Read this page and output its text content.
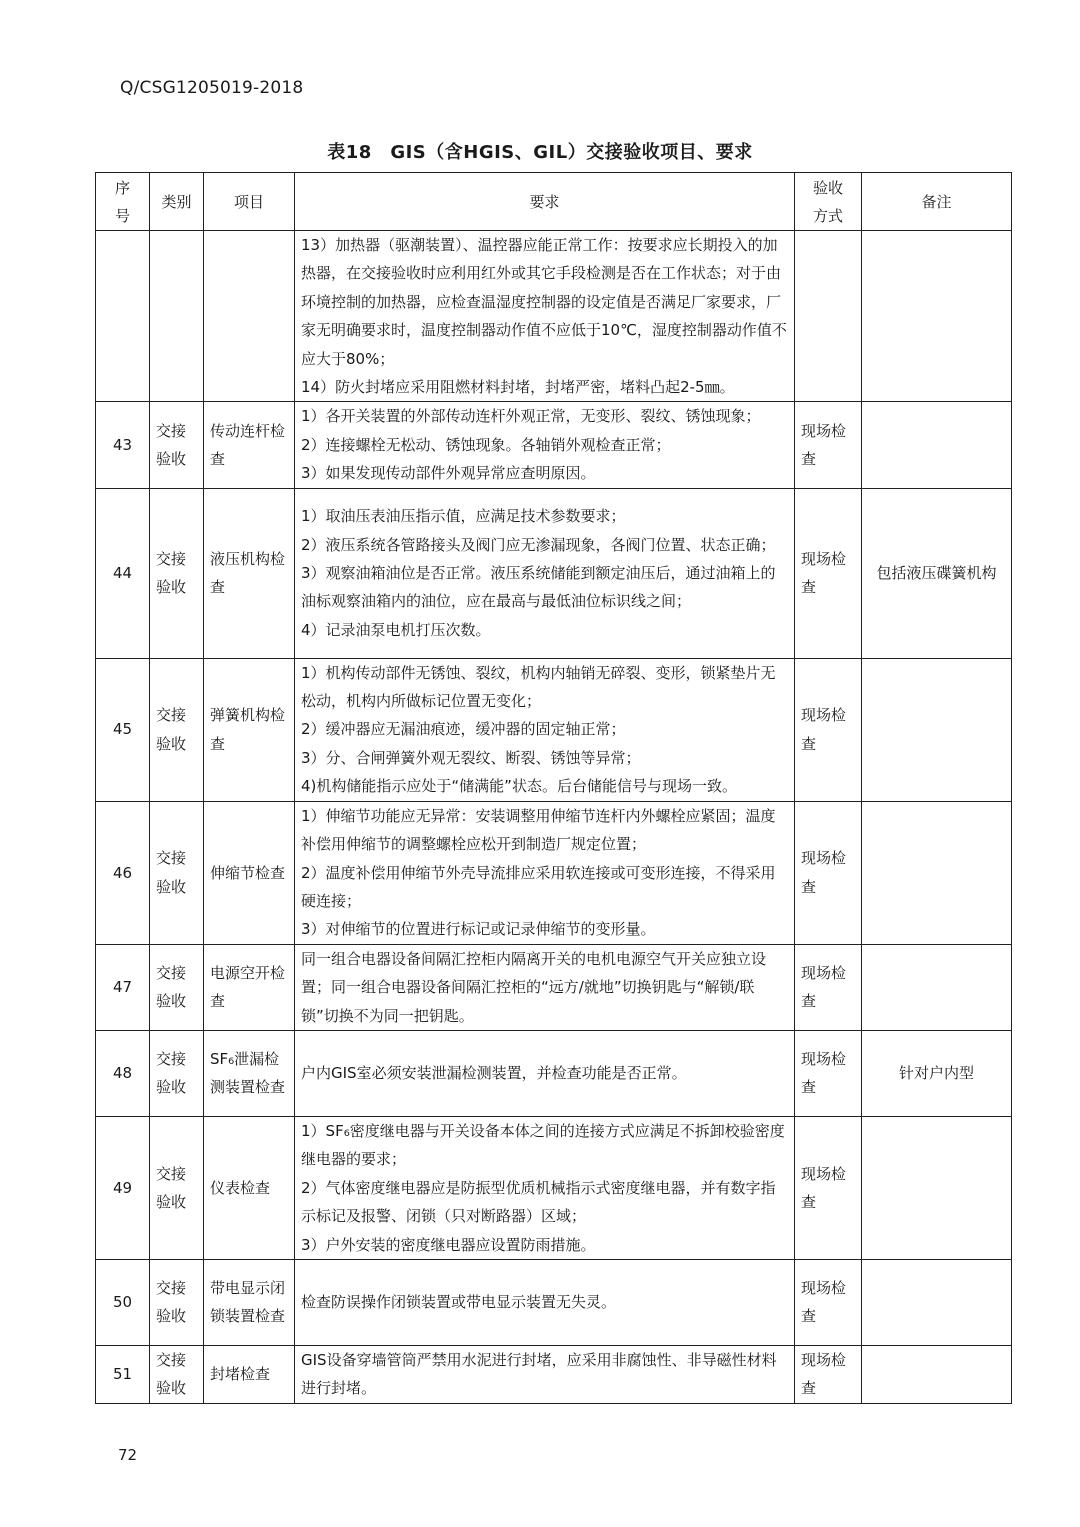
Q/CSG1205019-2018
表18　GIS（含HGIS、GIL）交接验收项目、要求
序号	类别	项目	要求	验收方式	备注

			13）加热器（驱潮装置）、温控器应能正常工作：按要求应长期投入的加热器，在交接验收时应利用红外或其它手段检测是否在工作状态；对于由环境控制的加热器，应检查温湿度控制器的设定值是否满足厂家要求，厂家无明确要求时，温度控制器动作值不应低于10℃，湿度控制器动作值不应大于80%；
14）防火封堵应采用阻燃材料封堵，封堵严密，堵料凸起2-5㎜。		

43	交接验收	传动连杆检查	1）各开关装置的外部传动连杆外观正常，无变形、裂纹、锈蚀现象；
2）连接螺栓无松动、锈蚀现象。各轴销外观检查正常；
3）如果发现传动部件外观异常应查明原因。	现场检查	
44	交接验收	液压机构检查	1）取油压表油压指示值，应满足技术参数要求；
2）液压系统各管路接头及阀门应无渗漏现象，各阀门位置、状态正确；
3）观察油箱油位是否正常。液压系统储能到额定油压后，通过油箱上的油标观察油箱内的油位，应在最高与最低油位标识线之间；
4）记录油泵电机打压次数。	现场检查	包括液压碟簧机构
45	交接验收	弹簧机构检查	1）机构传动部件无锈蚀、裂纹，机构内轴销无碎裂、变形，锁紧垫片无松动，机构内所做标记位置无变化；
2）缓冲器应无漏油痕迹，缓冲器的固定轴正常；
3）分、合闸弹簧外观无裂纹、断裂、锈蚀等异常；
4)机构储能指示应处于“储满能”状态。后台储能信号与现场一致。	现场检查	
46	交接验收	伸缩节检查	1）伸缩节功能应无异常：安装调整用伸缩节连杆内外螺栓应紧固；温度补偿用伸缩节的调整螺栓应松开到制造厂规定位置；
2）温度补偿用伸缩节外壳导流排应采用软连接或可变形连接，不得采用硬连接；
3）对伸缩节的位置进行标记或记录伸缩节的变形量。	现场检查	
47	交接验收	电源空开检查	同一组合电器设备间隔汇控柜内隔离开关的电机电源空气开关应独立设置；同一组合电器设备间隔汇控柜的“远方/就地”切换钥匙与“解锁/联锁”切换不为同一把钥匙。	现场检查	
48	交接验收	SF₆泄漏检测装置检查	户内GIS室必须安装泄漏检测装置，并检查功能是否正常。	现场检查	针对户内型
49	交接验收	仪表检查	1）SF₆密度继电器与开关设备本体之间的连接方式应满足不拆卸校验密度继电器的要求；
2）气体密度继电器应是防振型优质机械指示式密度继电器，并有数字指示标记及报警、闭锁（只对断路器）区域；
3）户外安装的密度继电器应设置防雨措施。	现场检查	
50	交接验收	带电显示闭锁装置检查	检查防误操作闭锁装置或带电显示装置无失灵。	现场检查	
51	交接验收	封堵检查	GIS设备穿墙管筒严禁用水泥进行封堵，应采用非腐蚀性、非导磁性材料进行封堵。	现场检查	
72
